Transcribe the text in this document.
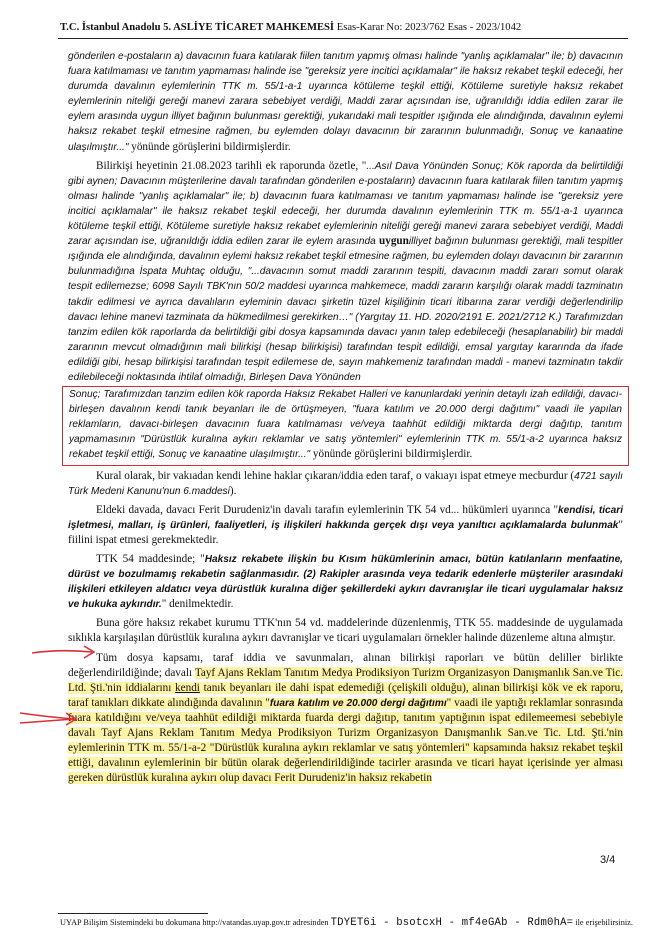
T.C. İstanbul Anadolu 5. ASLİYE TİCARET MAHKEMESİ Esas-Karar No: 2023/762 Esas - 2023/1042

gönderilen e-postaların a) davacının fuara katılarak fiilen tanıtım yapmış olması halinde "yanlış açıklamalar" ile; b) davacının fuara katılmaması ve tanıtım yapmaması halinde ise "gereksiz yere incitici açıklamalar" ile haksız rekabet teşkil edeceği, her durumda davalının eylemlerinin TTK m. 55/1-a-1 uyarınca kötüleme teşkil ettiği, Kötüleme suretiyle haksız rekabet eylemlerinin niteliği gereği manevi zarara sebebiyet verdiği, Maddi zarar açısından ise, uğranıldığı iddia edilen zarar ile eylem arasında uygun illiyet bağının bulunması gerektiği, yukarıdaki mali tespitler ışığında ele alındığında, davalının eylemi haksız rekabet teşkil etmesine rağmen, bu eylemden dolayı davacının bir zararının bulunmadığı, Sonuç ve kanaatine ulaşılmıştır..." yönünde görüşlerini bildirmişlerdir.

Bilirkişi heyetinin 21.08.2023 tarihli ek raporunda özetle, "...Asıl Dava Yönünden Sonuç; Kök raporda da belirtildiği gibi aynen; Davacının müşterilerine davalı tarafından gönderilen e-postaların) davacının fuara katılarak fiilen tanıtım yapmış olması halinde "yanlış açıklamalar" ile; b) davacının fuara katılmaması ve tanıtım yapmaması halinde ise "gereksiz yere incitici açıklamalar" ile haksız rekabet teşkil edeceği, her durumda davalının eylemlerinin TTK m. 55/1-a-1 uyarınca kötüleme teşkil ettiği, Kötüleme suretiyle haksız rekabet eylemlerinin niteliği gereği manevi zarara sebebiyet verdiği, Maddi zarar açısından ise, uğranıldığı iddia edilen zarar ile eylem arasında uygunilliyet bağının bulunması gerektiği, mali tespitler ışığında ele alındığında, davalının eylemi haksız rekabet teşkil etmesine rağmen, bu eylemden dolayı davacının bir zararının bulunmadığına İspata Muhtaç olduğu, "...davacının somut maddi zararının tespiti, davacının maddi zararı somut olarak tespit edilemezse; 6098 Sayılı TBK'nın 50/2 maddesi uyarınca mahkemece, maddi zararın karşılığı olarak maddi tazminatın takdir edilmesi ve ayrıca davalıların eyleminin davacı şirketin tüzel kişiliğinin ticari itibarına zarar verdiği değerlendirilip davacı lehine manevi tazminata da hükmedilmesi gerekirken…" (Yargıtay 11. HD. 2020/2191 E. 2021/2712 K.) Tarafımızdan tanzim edilen kök raporlarda da belirtildiği gibi dosya kapsamında davacı yanın talep edebileceği (hesaplanabilir) bir maddi zararının mevcut olmadığının mali bilirkişi (hesap bilirkişisi) tarafından tespit edildiği, emsal yargıtay kararında da ifade edildiği gibi, hesap bilirkişisi tarafından tespit edilemese de, sayın mahkemeniz tarafından maddi - manevi tazminatın takdir edilebileceği noktasında ihtilaf olmadığı, Birleşen Dava Yönünden

Sonuç; Tarafımızdan tanzim edilen kök raporda Haksız Rekabet Halleri ve kanunlardaki yerinin detaylı izah edildiği, davacı-birleşen davalının kendi tanık beyanları ile de örtüşmeyen, "fuara katılım ve 20.000 dergi dağıtımı" vaadi ile yapılan reklamların, davacı-birleşen davacının fuara katılmaması ve/veya taahhüt edildiği miktarda dergi dağıtıp, tanıtım yapmamasının "Dürüstlük kuralına aykırı reklamlar ve satış yöntemleri" eylemlerinin TTK m. 55/1-a-2 uyarınca haksız rekabet teşkil ettiği, Sonuç ve kanaatine ulaşılmıştır..." yönünde görüşlerini bildirmişlerdir.

Kural olarak, bir vakıadan kendi lehine haklar çıkaran/iddia eden taraf, o vakıayı ispat etmeye mecburdur (4721 sayılı Türk Medeni Kanunu'nun 6.maddesi).

Eldeki davada, davacı Ferit Durudeniz'in davalı tarafın eylemlerinin TK 54 vd... hükümleri uyarınca "kendisi, ticari işletmesi, malları, iş ürünleri, faaliyetleri, iş ilişkileri hakkında gerçek dışı veya yanıltıcı açıklamalarda bulunmak" fiilini ispat etmesi gerekmektedir.

TTK 54 maddesinde; "Haksız rekabete ilişkin bu Kısım hükümlerinin amacı, bütün katılanların menfaatine, dürüst ve bozulmamış rekabetin sağlanmasıdır. (2) Rakipler arasında veya tedarik edenlerle müşteriler arasındaki ilişkileri etkileyen aldatıcı veya dürüstlük kuralına diğer şekillerdeki aykırı davranışlar ile ticari uygulamalar haksız ve hukuka aykırıdır." denilmektedir.

Buna göre haksız rekabet kurumu TTK'nın 54 vd. maddelerinde düzenlenmiş, TTK 55. maddesinde de uygulamada sıklıkla karşılaşılan dürüstlük kuralına aykırı davranışlar ve ticari uygulamaları örnekler halinde düzenleme altına almıştır.

Tüm dosya kapsamı, taraf iddia ve savunmaları, alınan bilirkişi raporları ve bütün deliller birlikte değerlendirildiğinde; davalı Tayf Ajans Reklam Tanıtım Medya Prodiksiyon Turizm Organizasyon Danışmanlık San.ve Tic. Ltd. Şti.'nin iddialarını kendi tanık beyanları ile dahi ispat edemediği (çelişkili olduğu), alınan bilirkişi kök ve ek raporu, taraf tanıkları dikkate alındığında davalının "fuara katılım ve 20.000 dergi dağıtımı" vaadi ile yaptığı reklamlar sonrasında fuara katıldığını ve/veya taahhüt edildiği miktarda fuarda dergi dağıtıp, tanıtım yaptığının ispat edilemeemesi sebebiyle davalı Tayf Ajans Reklam Tanıtım Medya Prodiksiyon Turizm Organizasyon Danışmanlık San.ve Tic. Ltd. Şti.'nin eylemlerinin TTK m. 55/1-a-2 "Dürüstlük kuralına aykırı reklamlar ve satış yöntemleri" kapsamında haksız rekabet teşkil ettiği, davalının eylemlerinin bir bütün olarak değerlendirildiğinde tacirler arasında ve ticari hayat içerisinde yer alması gereken dürüstlük kuralına aykırı olup davacı Ferit Durudeniz'in haksız rekabetin

3/4
UYAP Bilişim Sistemindeki bu dokumana http://vatandas.uyap.gov.tr adresinden TDYET6i - bsotcxH - mf4eGAb - Rdm0hA= ile erişebilirsiniz.
